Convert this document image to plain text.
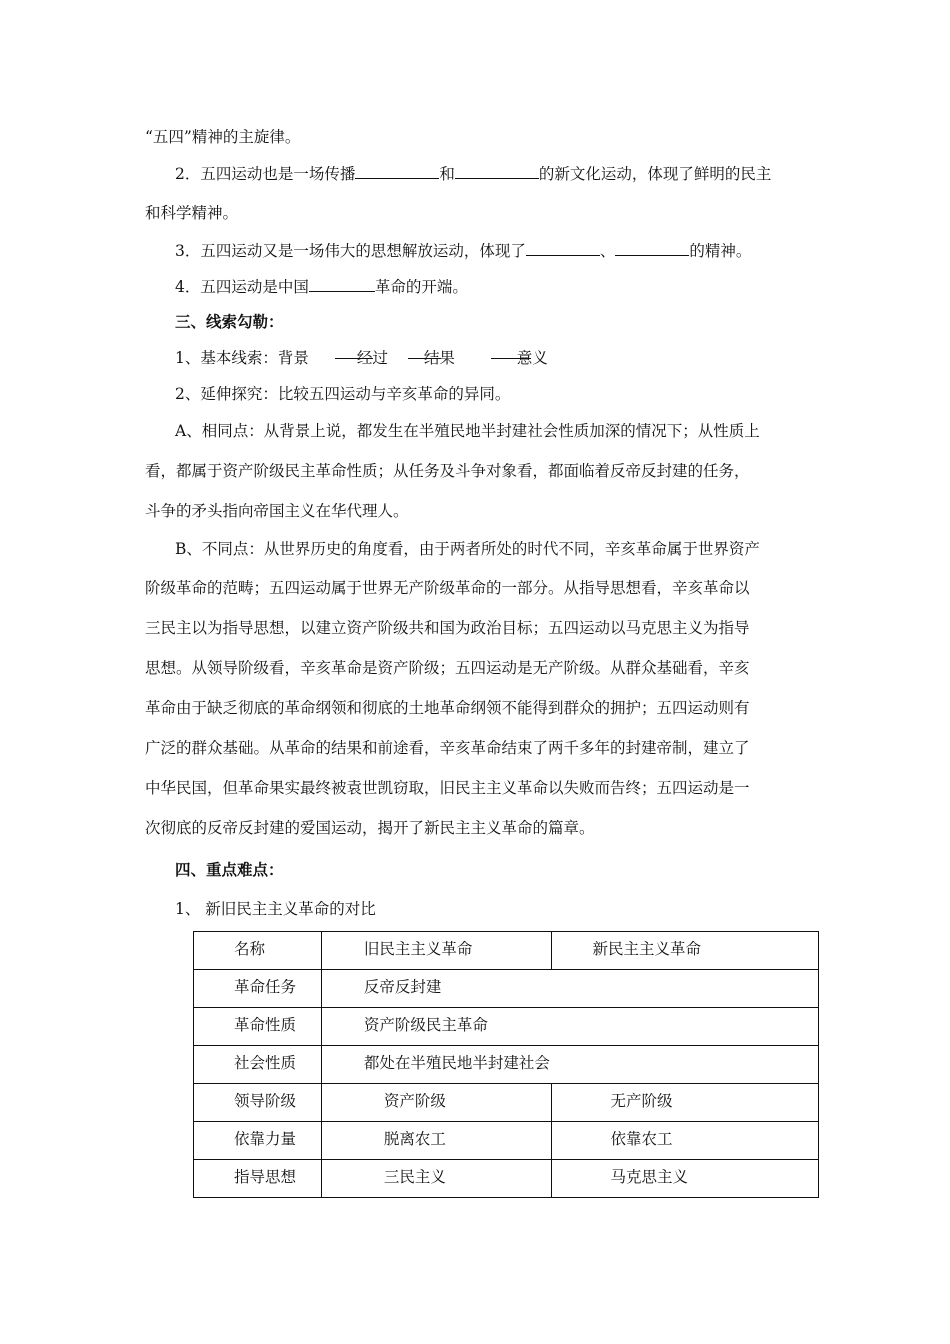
“五四”精神的主旋律。
2．五四运动也是一场传播	和	的新文化运动，体现了鲜明的民主
和科学精神。
3．五四运动又是一场伟大的思想解放运动，体现了	、	的精神。
4．五四运动是中国	革命的开端。
三、线索勾勒：
1、基本线索：背景	经过 结果	意义
2、延伸探究：比较五四运动与辛亥革命的异同。
A、相同点：从背景上说，都发生在半殖民地半封建社会性质加深的情况下；从性质上
看，都属于资产阶级民主革命性质；从任务及斗争对象看，都面临着反帝反封建的任务，
斗争的矛头指向帝国主义在华代理人。
B、不同点：从世界历史的角度看，由于两者所处的时代不同，辛亥革命属于世界资产
阶级革命的范畴；五四运动属于世界无产阶级革命的一部分。从指导思想看，辛亥革命以
三民主以为指导思想，以建立资产阶级共和国为政治目标；五四运动以马克思主义为指导
思想。从领导阶级看，辛亥革命是资产阶级；五四运动是无产阶级。从群众基础看，辛亥
革命由于缺乏彻底的革命纲领和彻底的土地革命纲领不能得到群众的拥护；五四运动则有
广泛的群众基础。从革命的结果和前途看，辛亥革命结束了两千多年的封建帝制，建立了
中华民国，但革命果实最终被袁世凯窃取，旧民主主义革命以失败而告终；五四运动是一
次彻底的反帝反封建的爱国运动，揭开了新民主主义革命的篇章。
四、重点难点：
1、 新旧民主主义革命的对比
名称	旧民主主义革命	新民主主义革命

革命任务	反帝反封建	

革命性质	资产阶级民主革命	

社会性质	都处在半殖民地半封建社会	

领导阶级	资产阶级	无产阶级

依靠力量	脱离农工	依靠农工

指导思想	三民主义	马克思主义
